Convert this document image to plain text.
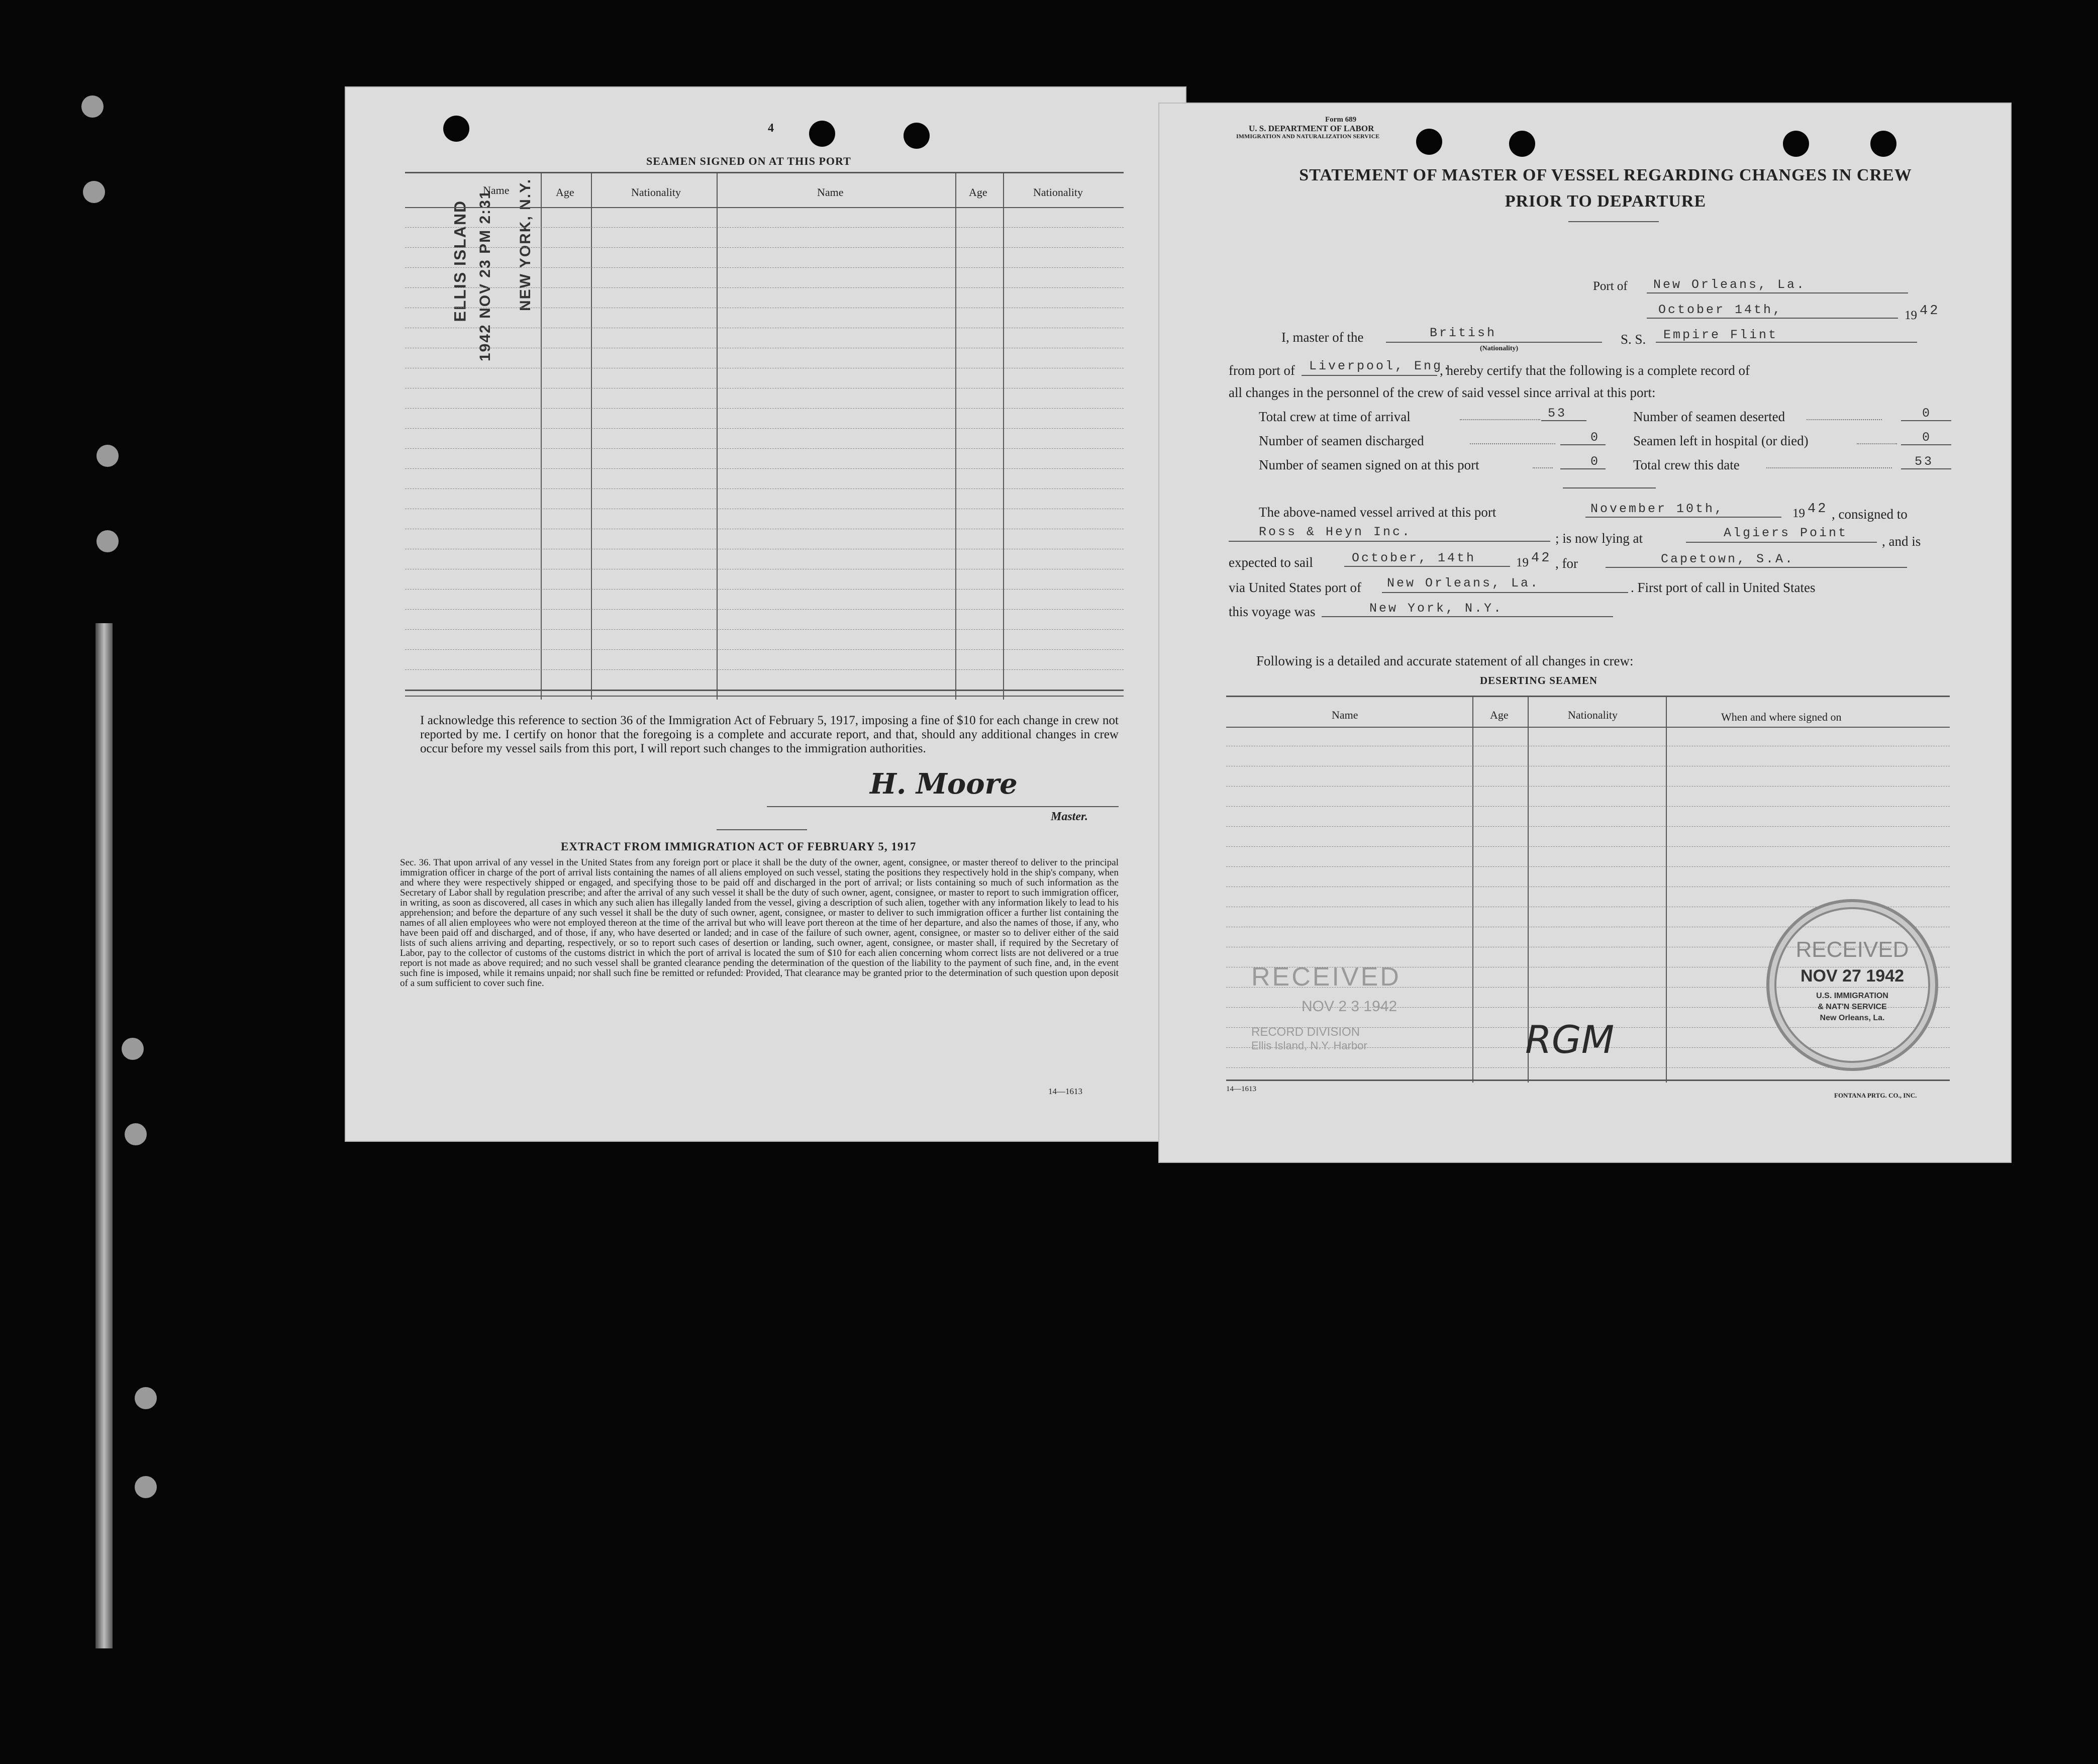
4
SEAMEN SIGNED ON AT THIS PORT
ELLIS ISLAND 1942 NOV 23 PM 2:31 NEW YORK, N.Y.
Name	Age	Nationality	Name	Age	Nationality
I acknowledge this reference to section 36 of the Immigration Act of February 5, 1917, imposing a fine of $10 for each change in crew not reported by me. I certify on honor that the foregoing is a complete and accurate report, and that, should any additional changes in crew occur before my vessel sails from this port, I will report such changes to the immigration authorities.
H. Moore
Master.
EXTRACT FROM IMMIGRATION ACT OF FEBRUARY 5, 1917
Sec. 36. That upon arrival of any vessel in the United States from any foreign port or place it shall be the duty of the owner, agent, consignee, or master thereof to deliver to the principal immigration officer in charge of the port of arrival lists containing the names of all aliens employed on such vessel, stating the positions they respectively hold in the ship's company, when and where they were respectively shipped or engaged, and specifying those to be paid off and discharged in the port of arrival; or lists containing so much of such information as the Secretary of Labor shall by regulation prescribe; and after the arrival of any such vessel it shall be the duty of such owner, agent, consignee, or master to report to such immigration officer, in writing, as soon as discovered, all cases in which any such alien has illegally landed from the vessel, giving a description of such alien, together with any information likely to lead to his apprehension; and before the departure of any such vessel it shall be the duty of such owner, agent, consignee, or master to deliver to such immigration officer a further list containing the names of all alien employees who were not employed thereon at the time of the arrival but who will leave port thereon at the time of her departure, and also the names of those, if any, who have been paid off and discharged, and of those, if any, who have deserted or landed; and in case of the failure of such owner, agent, consignee, or master so to deliver either of the said lists of such aliens arriving and departing, respectively, or so to report such cases of desertion or landing, such owner, agent, consignee, or master shall, if required by the Secretary of Labor, pay to the collector of customs of the customs district in which the port of arrival is located the sum of $10 for each alien concerning whom correct lists are not delivered or a true report is not made as above required; and no such vessel shall be granted clearance pending the determination of the question of the liability to the payment of such fine, and, in the event such fine is imposed, while it remains unpaid; nor shall such fine be remitted or refunded: Provided, That clearance may be granted prior to the determination of such question upon deposit of a sum sufficient to cover such fine.
14—1613
Form 689
U. S. DEPARTMENT OF LABOR
IMMIGRATION AND NATURALIZATION SERVICE
STATEMENT OF MASTER OF VESSEL REGARDING CHANGES IN CREW
PRIOR TO DEPARTURE
Port of New Orleans, La.
October 14th,	19 42
I, master of the	British
(Nationality)
S. S. Empire Flint
from port of Liverpool, Eng.
, hereby certify that the following is a complete record of
all changes in the personnel of the crew of said vessel since arrival at this port:
Total crew at time of arrival	53	Number of seamen deserted	0
Number of seamen discharged	0 Seamen left in hospital (or died)	0
Number of seamen signed on at this port	0 Total crew this date	53
The above-named vessel arrived at this port	November 10th,	19 42 , consigned to
Ross & Heyn Inc.	; is now lying at	Algiers Point
, and is
expected to sail	October, 14th	19 42 , for	Capetown, S.A.
via United States port of New Orleans, La.	. First port of call in United States
this voyage was	New York, N.Y.
Following is a detailed and accurate statement of all changes in crew:
DESERTING SEAMEN
Name	Age	Nationality	When and where signed on
RECEIVED
NOV 2 3 1942
RECORD DIVISION
Ellis Island, N.Y. Harbor	RGM
RECEIVED
NOV 27 1942
U.S. IMMIGRATION
& NAT'N SERVICE
New Orleans, La.
14—1613
FONTANA PRTG. CO., INC.
